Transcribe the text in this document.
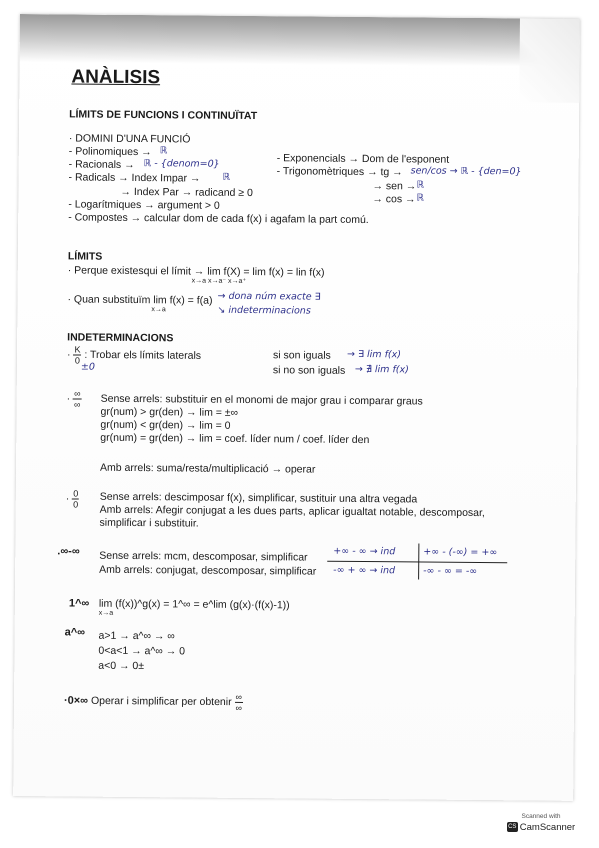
ANÀLISIS
LÍMITS DE FUNCIONS I CONTINUÏTAT
· DOMINI D'UNA FUNCIÓ
- Polinomiques → ℝ
- Racionals → ℝ - {denom=0}
- Radicals → Index Impar → ℝ
→ Index Par → radicand ≥ 0
- Logarítmiques → argument > 0
- Compostes → calcular dom de cada f(x) i agafam la part comú.
- Exponencials → Dom de l'esponent
- Trigonomètriques → tg → sen/cos → ℝ - {den=0}
→ sen → ℝ
→ cos → ℝ
LÍMITS
· Perque existesqui el límit → lim f(X) = lim f(x) = lin f(x)
x→a x→a⁻ x→a⁺
· Quan substituïm lim f(x) = f(a)
x→a
→ dona núm exacte ∃
↘ indeterminacions
INDETERMINACIONS
· $\frac{K}{0}$ : Trobar els límits laterals
±0
si son iguals → ∃ lim f(x)
si no son iguals → ∄ lim f(x)
· $\frac{\infty}{\infty}$ Sense arrels: substituir en el monomi de major grau i comparar graus
gr(num) > gr(den) → lim = ±∞
gr(num) < gr(den) → lim = 0
gr(num) = gr(den) → lim = coef. líder num / coef. líder den
Amb arrels: suma/resta/multiplicació → operar
· $\frac{0}{0}$ Sense arrels: descimposar f(x), simplificar, sustituir una altra vegada
Amb arrels: Afegir conjugat a les dues parts, aplicar igualtat notable, descomposar,
simplificar i substituir.
.∞-∞ Sense arrels: mcm, descomposar, simplificar
Amb arrels: conjugat, descomposar, simplificar
+∞ - ∞ → ind	+∞ - (-∞) = +∞
-∞ + ∞ → ind	-∞ - ∞ = -∞
1^∞ lim (f(x))^g(x) = 1^∞ = e^lim (g(x)·(f(x)-1))
x→a
a^∞ a>1 → a^∞ → ∞
0<a<1 → a^∞ → 0
a<0 → 0±
·0×∞ Operar i simplificar per obtenir $\frac{\infty}{\infty}$
Scanned with
CS CamScanner
